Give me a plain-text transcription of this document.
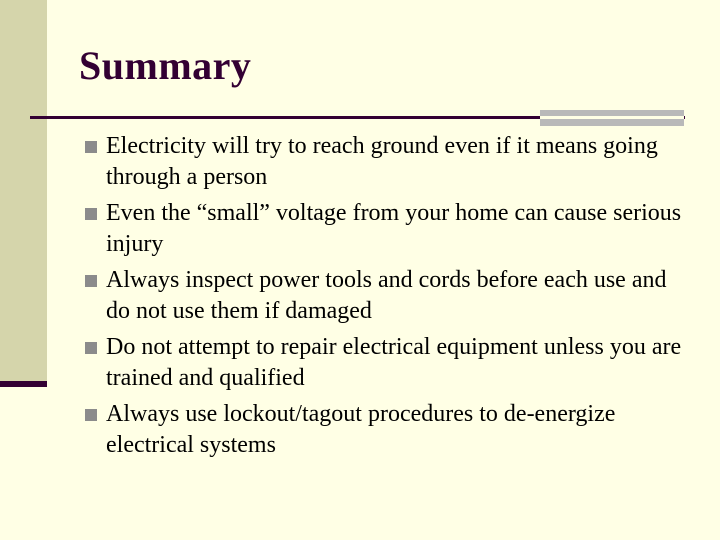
Summary
Electricity will try to reach ground even if it means going through a person
Even the “small” voltage from your home can cause serious injury
Always inspect power tools and cords before each use and do not use them if damaged
Do not attempt to repair electrical equipment unless you are trained and qualified
Always use lockout/tagout procedures to de-energize electrical systems
